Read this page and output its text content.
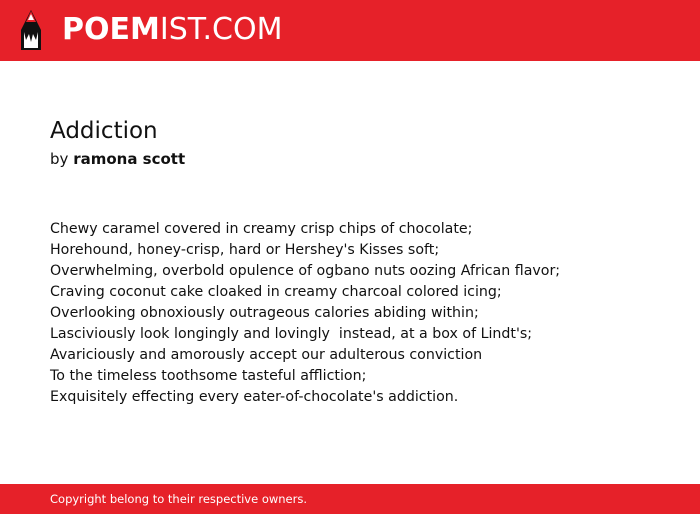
POEMIST.COM
Addiction
by ramona scott
Chewy caramel covered in creamy crisp chips of chocolate;
Horehound, honey-crisp, hard or Hershey's Kisses soft;
Overwhelming, overbold opulence of ogbano nuts oozing African flavor;
Craving coconut cake cloaked in creamy charcoal colored icing;
Overlooking obnoxiously outrageous calories abiding within;
Lasciviously look longingly and lovingly  instead, at a box of Lindt's;
Avariciously and amorously accept our adulterous conviction
To the timeless toothsome tasteful affliction;
Exquisitely effecting every eater-of-chocolate's addiction.
Copyright belong to their respective owners.
